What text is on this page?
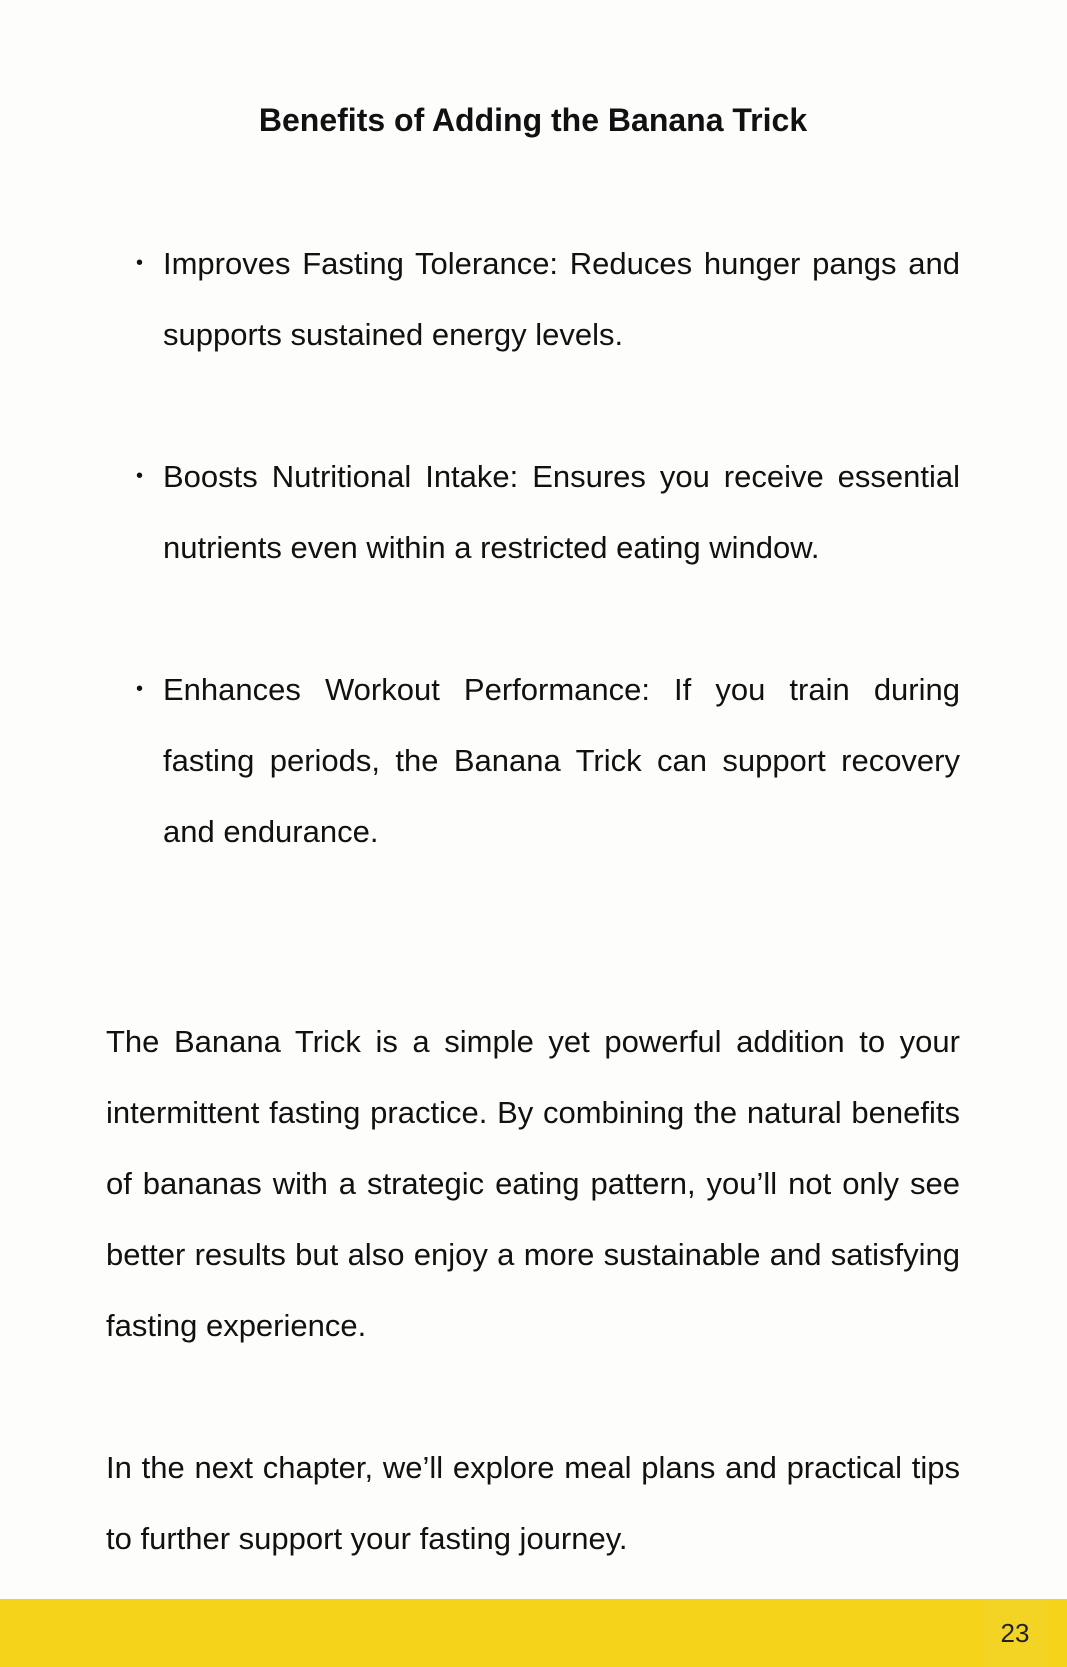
Benefits of Adding the Banana Trick
• Improves Fasting Tolerance: Reduces hunger pangs and supports sustained energy levels.
• Boosts Nutritional Intake: Ensures you receive essential nutrients even within a restricted eating window.
• Enhances Workout Performance: If you train during fasting periods, the Banana Trick can support recovery and endurance.

The Banana Trick is a simple yet powerful addition to your intermittent fasting practice. By combining the natural benefits of bananas with a strategic eating pattern, you’ll not only see better results but also enjoy a more sustainable and satisfying fasting experience.

In the next chapter, we’ll explore meal plans and practical tips to further support your fasting journey.

23
